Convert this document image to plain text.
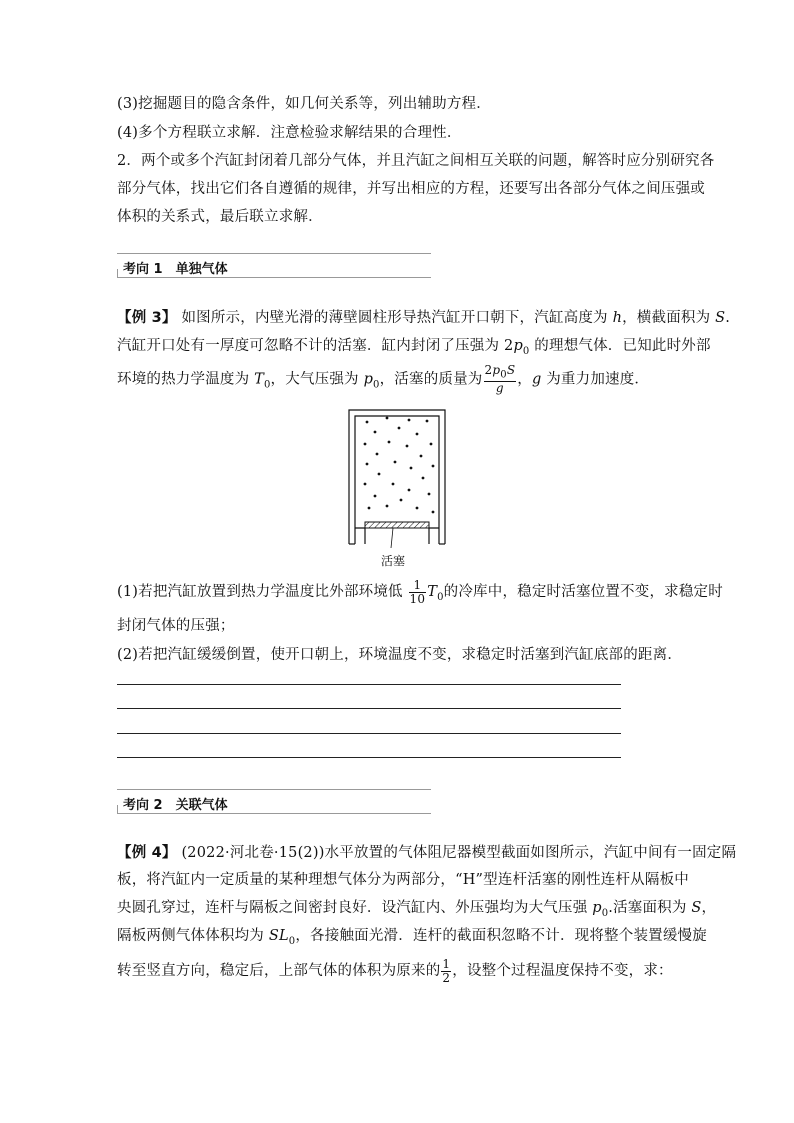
(3)挖掘题目的隐含条件，如几何关系等，列出辅助方程．
(4)多个方程联立求解．注意检验求解结果的合理性．
2．两个或多个汽缸封闭着几部分气体，并且汽缸之间相互关联的问题，解答时应分别研究各
部分气体，找出它们各自遵循的规律，并写出相应的方程，还要写出各部分气体之间压强或
体积的关系式，最后联立求解．
考向 1　单独气体
【例 3】 如图所示，内壁光滑的薄壁圆柱形导热汽缸开口朝下，汽缸高度为 h，横截面积为 S.
汽缸开口处有一厚度可忽略不计的活塞．缸内封闭了压强为 $2p_0$ 的理想气体．已知此时外部
环境的热力学温度为 $T_0$，大气压强为 $p_0$，活塞的质量为 $\frac{2p_0S}{g}$ ，g 为重力加速度．
活塞
(1)若把汽缸放置到热力学温度比外部环境低 $\frac{1}{10} T_0$的冷库中，稳定时活塞位置不变，求稳定时
封闭气体的压强；
(2)若把汽缸缓缓倒置，使开口朝上，环境温度不变，求稳定时活塞到汽缸底部的距离．
考向 2　关联气体
【例 4】 (2022·河北卷·15(2))水平放置的气体阻尼器模型截面如图所示，汽缸中间有一固定隔
板，将汽缸内一定质量的某种理想气体分为两部分，“H”型连杆活塞的刚性连杆从隔板中
央圆孔穿过，连杆与隔板之间密封良好．设汽缸内、外压强均为大气压强 $p_0$.活塞面积为 S，
隔板两侧气体体积均为 $SL_0$，各接触面光滑．连杆的截面积忽略不计．现将整个装置缓慢旋
转至竖直方向，稳定后，上部气体的体积为原来的 $\frac{1}{2}$ ，设整个过程温度保持不变，求：
